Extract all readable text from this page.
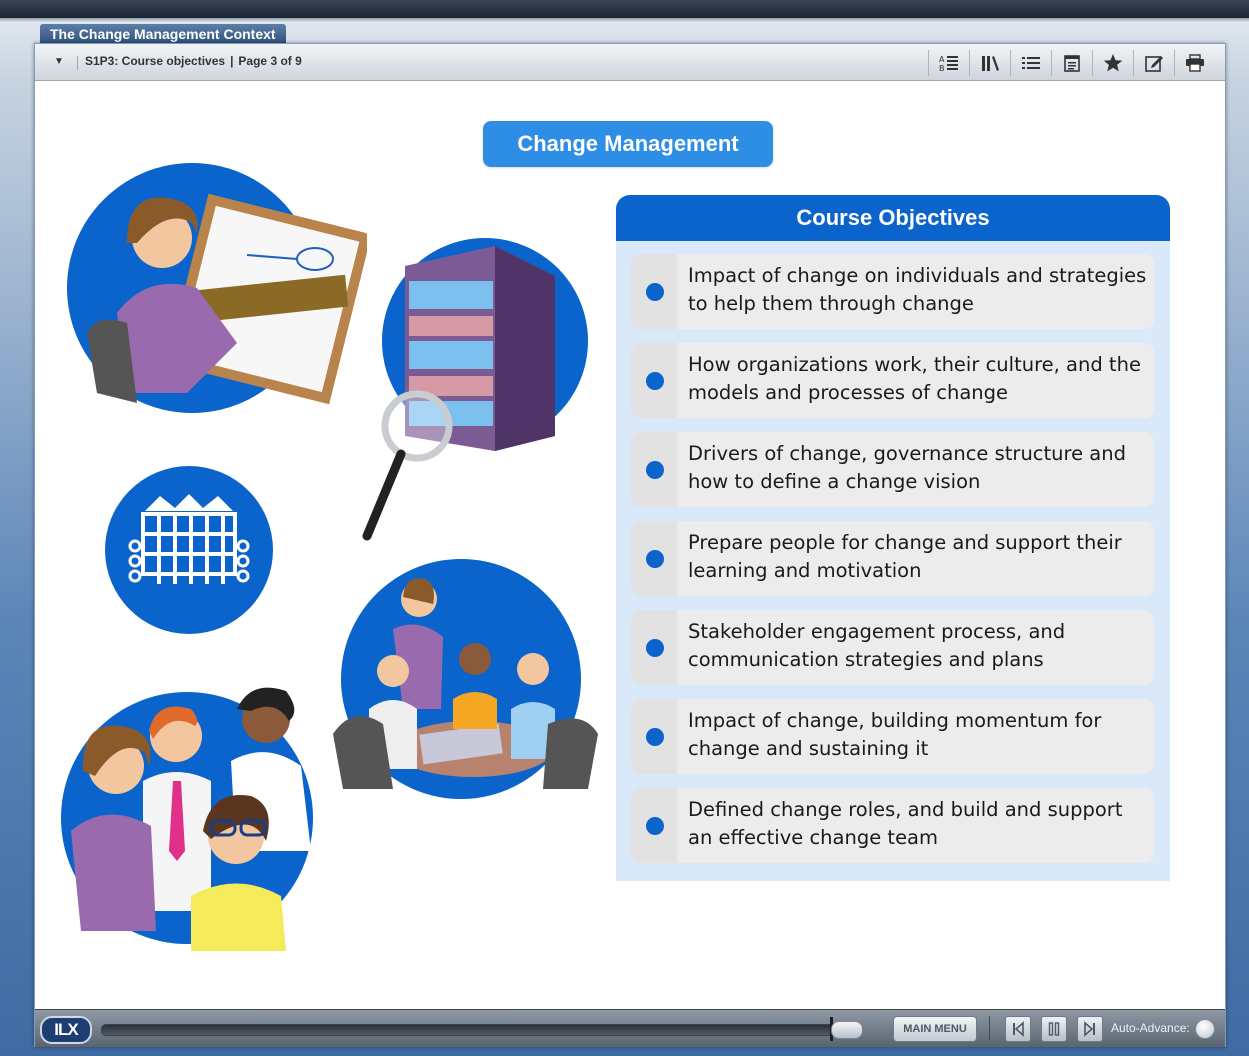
The Change Management Context
▼	S1P3: Course objectives | Page 3 of 9	A
B
Change Management
Course Objectives
Impact of change on individuals and strategies to help them through change
How organizations work, their culture, and the models and processes of change
Drivers of change, governance structure and how to define a change vision
Prepare people for change and support their learning and motivation
Stakeholder engagement process, and communication strategies and plans
Impact of change, building momentum for change and sustaining it
Defined change roles, and build and support an effective change team
ILX	MAIN MENU	Auto-Advance:
